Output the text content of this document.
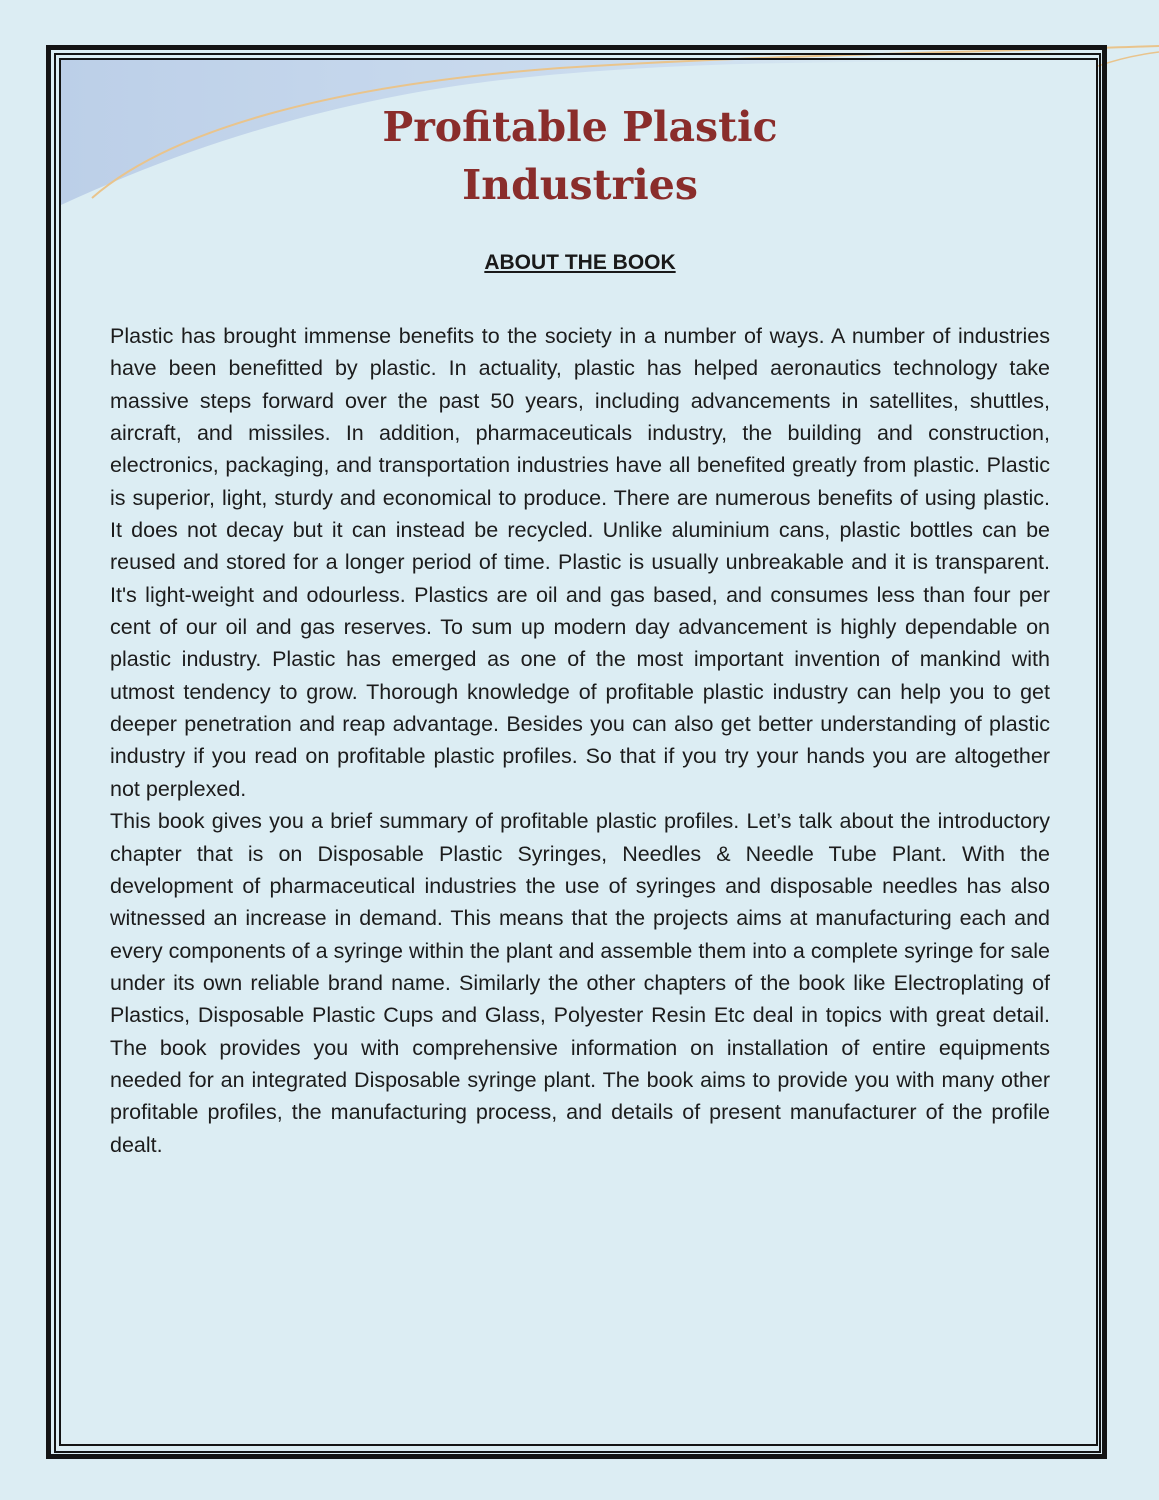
Profitable Plastic
Industries
ABOUT THE BOOK

Plastic has brought immense benefits to the society in a number of ways. A number of industries have been benefitted by plastic. In actuality, plastic has helped aeronautics technology take massive steps forward over the past 50 years, including advancements in satellites, shuttles, aircraft, and missiles. In addition, pharmaceuticals industry, the building and construction, electronics, packaging, and transportation industries have all benefited greatly from plastic. Plastic is superior, light, sturdy and economical to produce. There are numerous benefits of using plastic. It does not decay but it can instead be recycled. Unlike aluminium cans, plastic bottles can be reused and stored for a longer period of time. Plastic is usually unbreakable and it is transparent. It's light-weight and odourless. Plastics are oil and gas based, and consumes less than four per cent of our oil and gas reserves. To sum up modern day advancement is highly dependable on plastic industry. Plastic has emerged as one of the most important invention of mankind with utmost tendency to grow. Thorough knowledge of profitable plastic industry can help you to get deeper penetration and reap advantage. Besides you can also get better understanding of plastic industry if you read on profitable plastic profiles. So that if you try your hands you are altogether not perplexed.

This book gives you a brief summary of profitable plastic profiles. Let’s talk about the introductory chapter that is on Disposable Plastic Syringes, Needles & Needle Tube Plant. With the development of pharmaceutical industries the use of syringes and disposable needles has also witnessed an increase in demand. This means that the projects aims at manufacturing each and every components of a syringe within the plant and assemble them into a complete syringe for sale under its own reliable brand name. Similarly the other chapters of the book like Electroplating of Plastics, Disposable Plastic Cups and Glass, Polyester Resin Etc deal in topics with great detail. The book provides you with comprehensive information on installation of entire equipments needed for an integrated Disposable syringe plant. The book aims to provide you with many other profitable profiles, the manufacturing process, and details of present manufacturer of the profile dealt.
